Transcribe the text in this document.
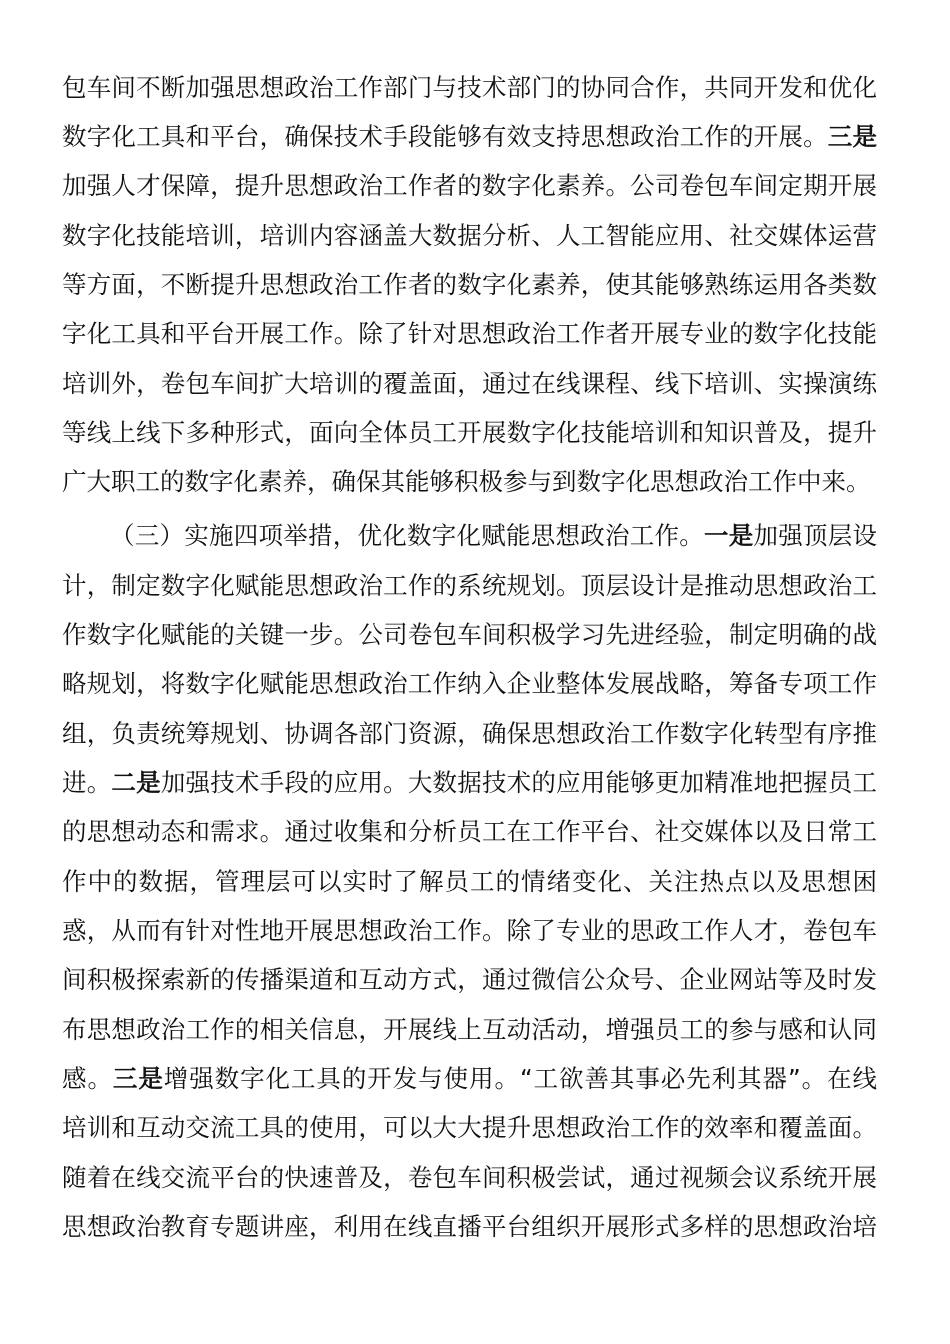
包车间不断加强思想政治工作部门与技术部门的协同合作，共同开发和优化
数字化工具和平台，确保技术手段能够有效支持思想政治工作的开展。三是
加强人才保障，提升思想政治工作者的数字化素养。公司卷包车间定期开展
数字化技能培训，培训内容涵盖大数据分析、人工智能应用、社交媒体运营
等方面，不断提升思想政治工作者的数字化素养，使其能够熟练运用各类数
字化工具和平台开展工作。除了针对思想政治工作者开展专业的数字化技能
培训外，卷包车间扩大培训的覆盖面，通过在线课程、线下培训、实操演练
等线上线下多种形式，面向全体员工开展数字化技能培训和知识普及，提升
广大职工的数字化素养，确保其能够积极参与到数字化思想政治工作中来。
（三）实施四项举措，优化数字化赋能思想政治工作。一是加强顶层设
计，制定数字化赋能思想政治工作的系统规划。顶层设计是推动思想政治工
作数字化赋能的关键一步。公司卷包车间积极学习先进经验，制定明确的战
略规划，将数字化赋能思想政治工作纳入企业整体发展战略，筹备专项工作
组，负责统筹规划、协调各部门资源，确保思想政治工作数字化转型有序推
进。二是加强技术手段的应用。大数据技术的应用能够更加精准地把握员工
的思想动态和需求。通过收集和分析员工在工作平台、社交媒体以及日常工
作中的数据，管理层可以实时了解员工的情绪变化、关注热点以及思想困
惑，从而有针对性地开展思想政治工作。除了专业的思政工作人才，卷包车
间积极探索新的传播渠道和互动方式，通过微信公众号、企业网站等及时发
布思想政治工作的相关信息，开展线上互动活动，增强员工的参与感和认同
感。三是增强数字化工具的开发与使用。“工欲善其事必先利其器”。在线
培训和互动交流工具的使用，可以大大提升思想政治工作的效率和覆盖面。
随着在线交流平台的快速普及，卷包车间积极尝试，通过视频会议系统开展
思想政治教育专题讲座，利用在线直播平台组织开展形式多样的思想政治培
